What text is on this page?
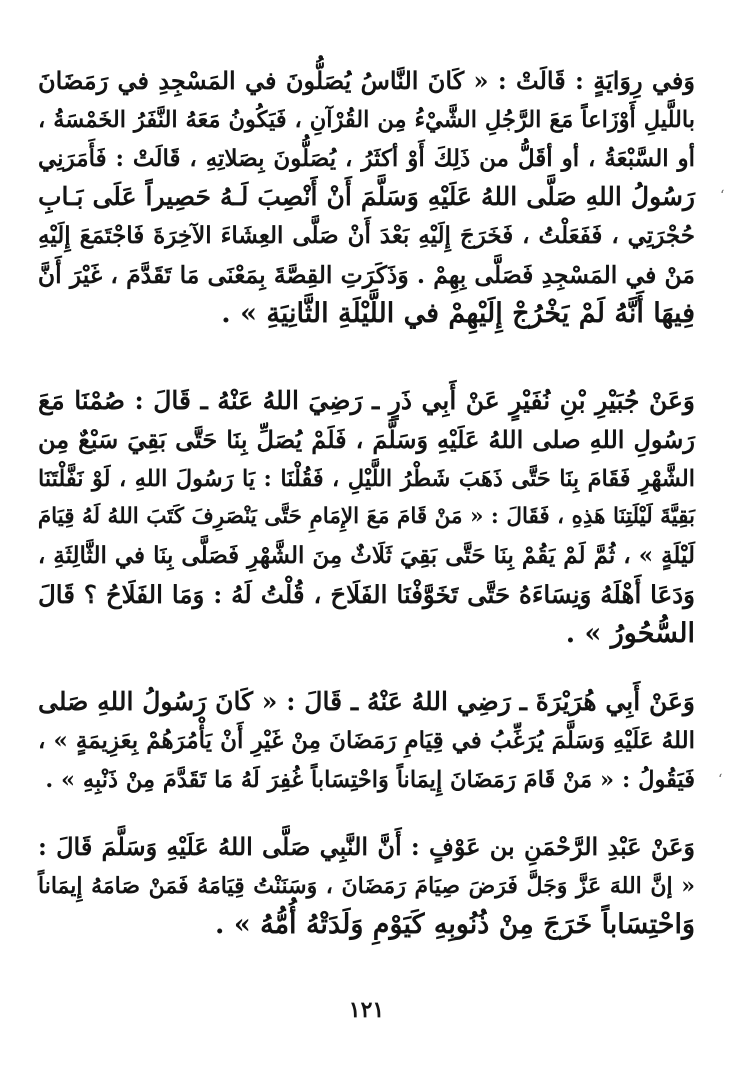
وَفي رِوَايَةٍ : قَالَتْ : « كَانَ النَّاسُ يُصَلُّونَ في المَسْجِدِ في رَمَضَانَ
باللَّيلِ أَوْزَاعاً مَعَ الرَّجُلِ الشَّيْءُ مِن القُرْآنِ ، فَيَكُونُ مَعَهُ النَّفَرُ الخَمْسَةُ ،
أو السَّبْعَةُ ، أو أقَلُّ من ذَلِكَ أَوْ أكثَرُ ، يُصَلُّونَ بِصَلاتِهِ ، قَالَتْ : فَأَمَرَنِي
رَسُولُ اللهِ صَلَّى اللهُ عَلَيْهِ وَسَلَّمَ أَنْ أَنْصِبَ لَـهُ حَصِيراً عَلَى بَـابِ
حُجْرَتِي ، فَفَعَلْتُ ، فَخَرَجَ إِلَيْهِ بَعْدَ أَنْ صَلَّى العِشَاءَ الآخِرَةَ فَاجْتَمَعَ إِلَيْهِ
مَنْ في المَسْجِدِ فَصَلَّى بِهِمْ . وَذَكَرَتِ القِصَّةَ بِمَعْنَى مَا تَقَدَّمَ ، غَيْرَ أَنَّ
فِيهَا أَنَّهُ لَمْ يَخْرُجْ إِلَيْهِمْ في اللَّيْلَةِ الثَّانِيَةِ » .

وَعَنْ جُبَيْرِ بْنِ نُفَيْرٍ عَنْ أَبِي ذَرٍ ـ رَضِيَ اللهُ عَنْهُ ـ قَالَ : صُمْنَا مَعَ
رَسُولِ اللهِ صلى اللهُ عَلَيْهِ وَسَلَّمَ ، فَلَمْ يُصَلِّ بِنَا حَتَّى بَقِيَ سَبْعٌ مِن
الشَّهْرِ فَقَامَ بِنَا حَتَّى ذَهَبَ شَطْرُ اللَّيْلِ ، فَقُلْنَا : يَا رَسُولَ اللهِ ، لَوْ نَفَّلْتَنَا
بَقِيَّةَ لَيْلَتِنَا هَذِهِ ، فَقَالَ : « مَنْ قَامَ مَعَ الإِمَامِ حَتَّى يَنْصَرِفَ كَتَبَ اللهُ لَهُ قِيَامَ
لَيْلَةٍ » ، ثُمَّ لَمْ يَقُمْ بِنَا حَتَّى بَقِيَ ثَلَاثٌ مِنَ الشَّهْرِ فَصَلَّى بِنَا في الثَّالِثَةِ ،
وَدَعَا أَهْلَهُ وَنِسَاءَهُ حَتَّى تَخَوَّفْنَا الفَلَاحَ ، قُلْتُ لَهُ : وَمَا الفَلَاحُ ؟ قَالَ
السُّحُورُ » .

وَعَنْ أَبِي هُرَيْرَةَ ـ رَضِي اللهُ عَنْهُ ـ قَالَ : « كَانَ رَسُولُ اللهِ صَلى
اللهُ عَلَيْهِ وَسَلَّمَ يُرَغِّبُ في قِيَامِ رَمَضَانَ مِنْ غَيْرِ أَنْ يَأْمُرَهُمْ بِعَزِيمَةٍ » ،
فَيَقُولُ : « مَنْ قَامَ رَمَضَانَ إِيمَاناً وَاحْتِسَاباً غُفِرَ لَهُ مَا تَقَدَّمَ مِنْ ذَنْبِهِ » .

وَعَنْ عَبْدِ الرَّحْمَنِ بن عَوْفٍ : أَنَّ النَّبِي صَلَّى اللهُ عَلَيْهِ وَسَلَّمَ قَالَ :
« إنَّ اللهَ عَزَّ وَجَلَّ فَرَضَ صِيَامَ رَمَضَانَ ، وَسَنَنْتُ قِيَامَهُ فَمَنْ صَامَهُ إِيمَاناً
وَاحْتِسَاباً خَرَجَ مِنْ ذُنُوبِهِ كَيَوْمِ وَلَدَتْهُ أُمُّهُ » .

ʻ
ʻ
١٢١
